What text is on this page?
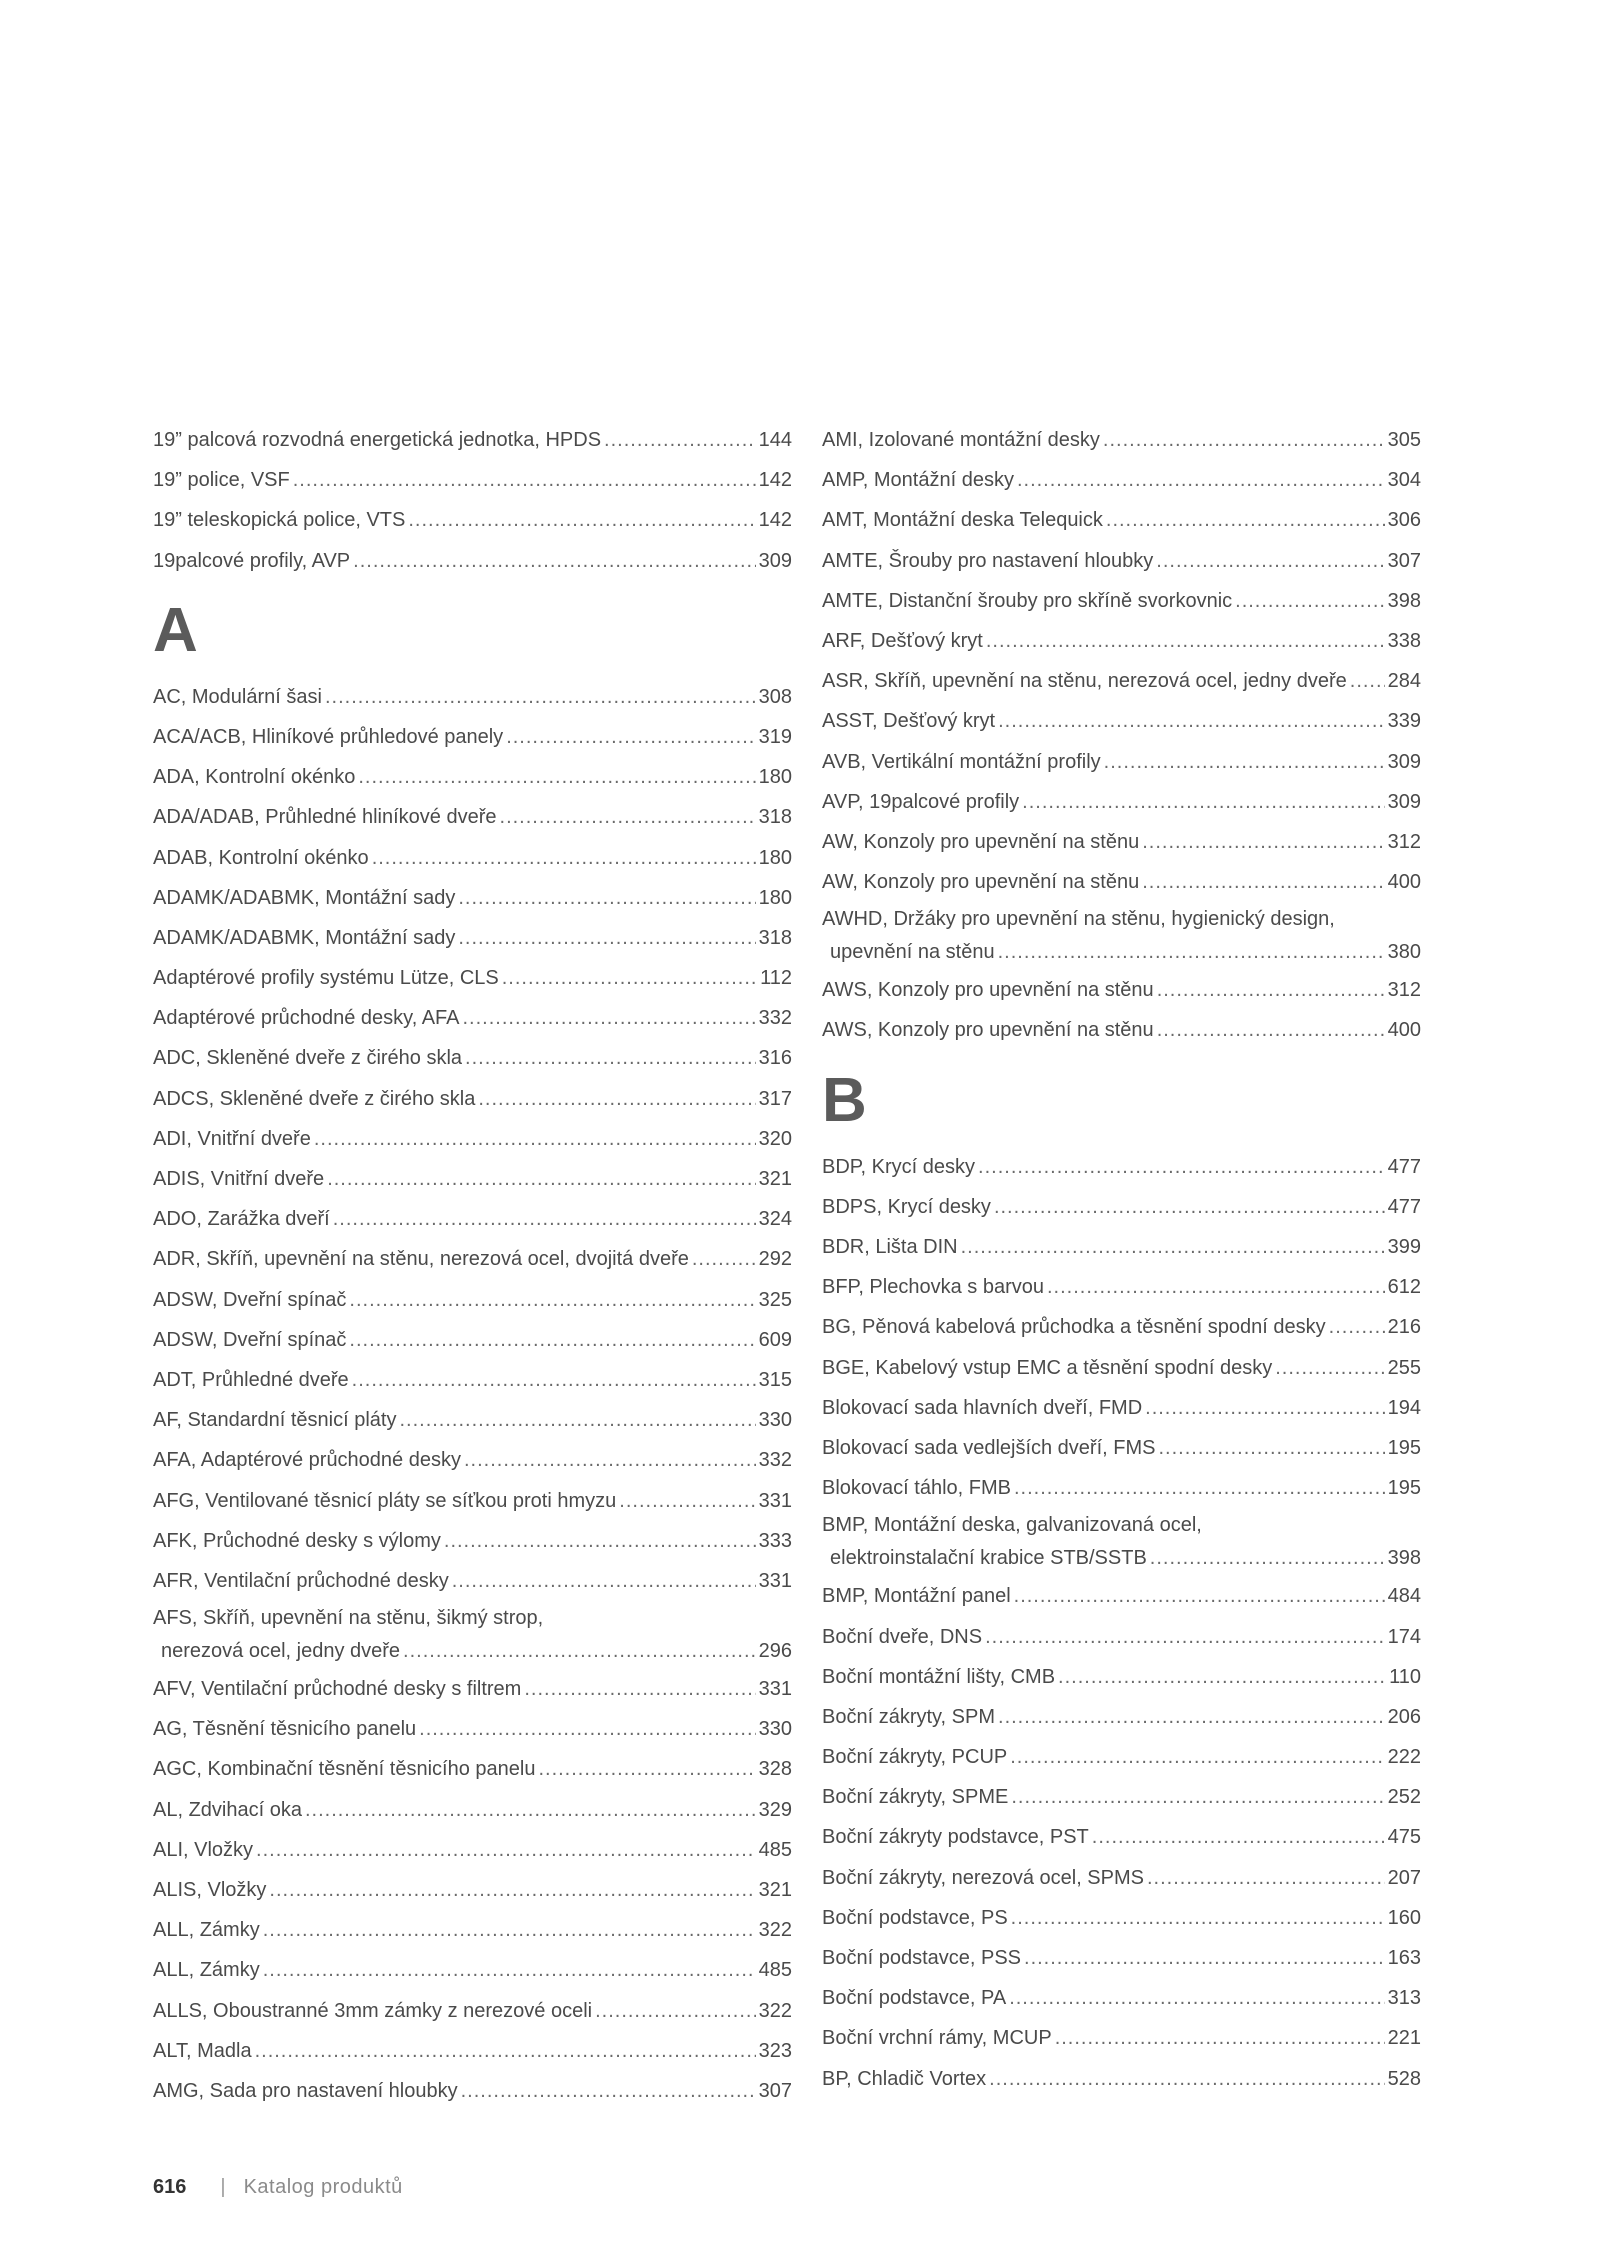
19” palcová rozvodná energetická jednotka, HPDS .....	144
19” police, VSF .....	142
19” teleskopická police, VTS .....	142
19palcové profily, AVP .....	309
A
AC, Modulární šasi .....	308
ACA/ACB, Hliníkové průhledové panely .....	319
ADA, Kontrolní okénko .....	180
ADA/ADAB, Průhledné hliníkové dveře .....	318
ADAB, Kontrolní okénko .....	180
ADAMK/ADABMK, Montážní sady .....	180
ADAMK/ADABMK, Montážní sady .....	318
Adaptérové profily systému Lütze, CLS .....	112
Adaptérové průchodné desky, AFA .....	332
ADC, Skleněné dveře z čirého skla .....	316
ADCS, Skleněné dveře z čirého skla .....	317
ADI, Vnitřní dveře .....	320
ADIS, Vnitřní dveře .....	321
ADO, Zarážka dveří .....	324
ADR, Skříň, upevnění na stěnu, nerezová ocel, dvojitá dveře .....	292
ADSW, Dveřní spínač .....	325
ADSW, Dveřní spínač .....	609
ADT, Průhledné dveře .....	315
AF, Standardní těsnicí pláty .....	330
AFA, Adaptérové průchodné desky .....	332
AFG, Ventilované těsnicí pláty se síťkou proti hmyzu .....	331
AFK, Průchodné desky s výlomy .....	333
AFR, Ventilační průchodné desky .....	331
AFS, Skříň, upevnění na stěnu, šikmý strop,
nerezová ocel, jedny dveře .....	296
AFV, Ventilační průchodné desky s filtrem .....	331
AG, Těsnění těsnicího panelu .....	330
AGC, Kombinační těsnění těsnicího panelu .....	328
AL, Zdvihací oka .....	329
ALI, Vložky .....	485
ALIS, Vložky .....	321
ALL, Zámky .....	322
ALL, Zámky .....	485
ALLS, Oboustranné 3mm zámky z nerezové oceli .....	322
ALT, Madla .....	323
AMG, Sada pro nastavení hloubky .....	307
AMI, Izolované montážní desky .....	305
AMP, Montážní desky .....	304
AMT, Montážní deska Telequick .....	306
AMTE, Šrouby pro nastavení hloubky .....	307
AMTE, Distanční šrouby pro skříně svorkovnic .....	398
ARF, Dešťový kryt .....	338
ASR, Skříň, upevnění na stěnu, nerezová ocel, jedny dveře ..... 284
ASST, Dešťový kryt .....	339
AVB, Vertikální montážní profily .....	309
AVP, 19palcové profily .....	309
AW, Konzoly pro upevnění na stěnu .....	312
AW, Konzoly pro upevnění na stěnu .....	400
AWHD, Držáky pro upevnění na stěnu, hygienický design,
upevnění na stěnu .....	380
AWS, Konzoly pro upevnění na stěnu .....	312
AWS, Konzoly pro upevnění na stěnu .....	400
B
BDP, Krycí desky .....	477
BDPS, Krycí desky .....	477
BDR, Lišta DIN .....	399
BFP, Plechovka s barvou .....	612
BG, Pěnová kabelová průchodka a těsnění spodní desky .....	216
BGE, Kabelový vstup EMC a těsnění spodní desky .....	255
Blokovací sada hlavních dveří, FMD .....	194
Blokovací sada vedlejších dveří, FMS .....	195
Blokovací táhlo, FMB .....	195
BMP, Montážní deska, galvanizovaná ocel,
elektroinstalační krabice STB/SSTB .....	398
BMP, Montážní panel .....	484
Boční dveře, DNS .....	174
Boční montážní lišty, CMB .....	110
Boční zákryty, SPM .....	206
Boční zákryty, PCUP .....	222
Boční zákryty, SPME .....	252
Boční zákryty podstavce, PST .....	475
Boční zákryty, nerezová ocel, SPMS .....	207
Boční podstavce, PS .....	160
Boční podstavce, PSS .....	163
Boční podstavce, PA .....	313
Boční vrchní rámy, MCUP .....	221
BP, Chladič Vortex .....	528
616 | Katalog produktů
